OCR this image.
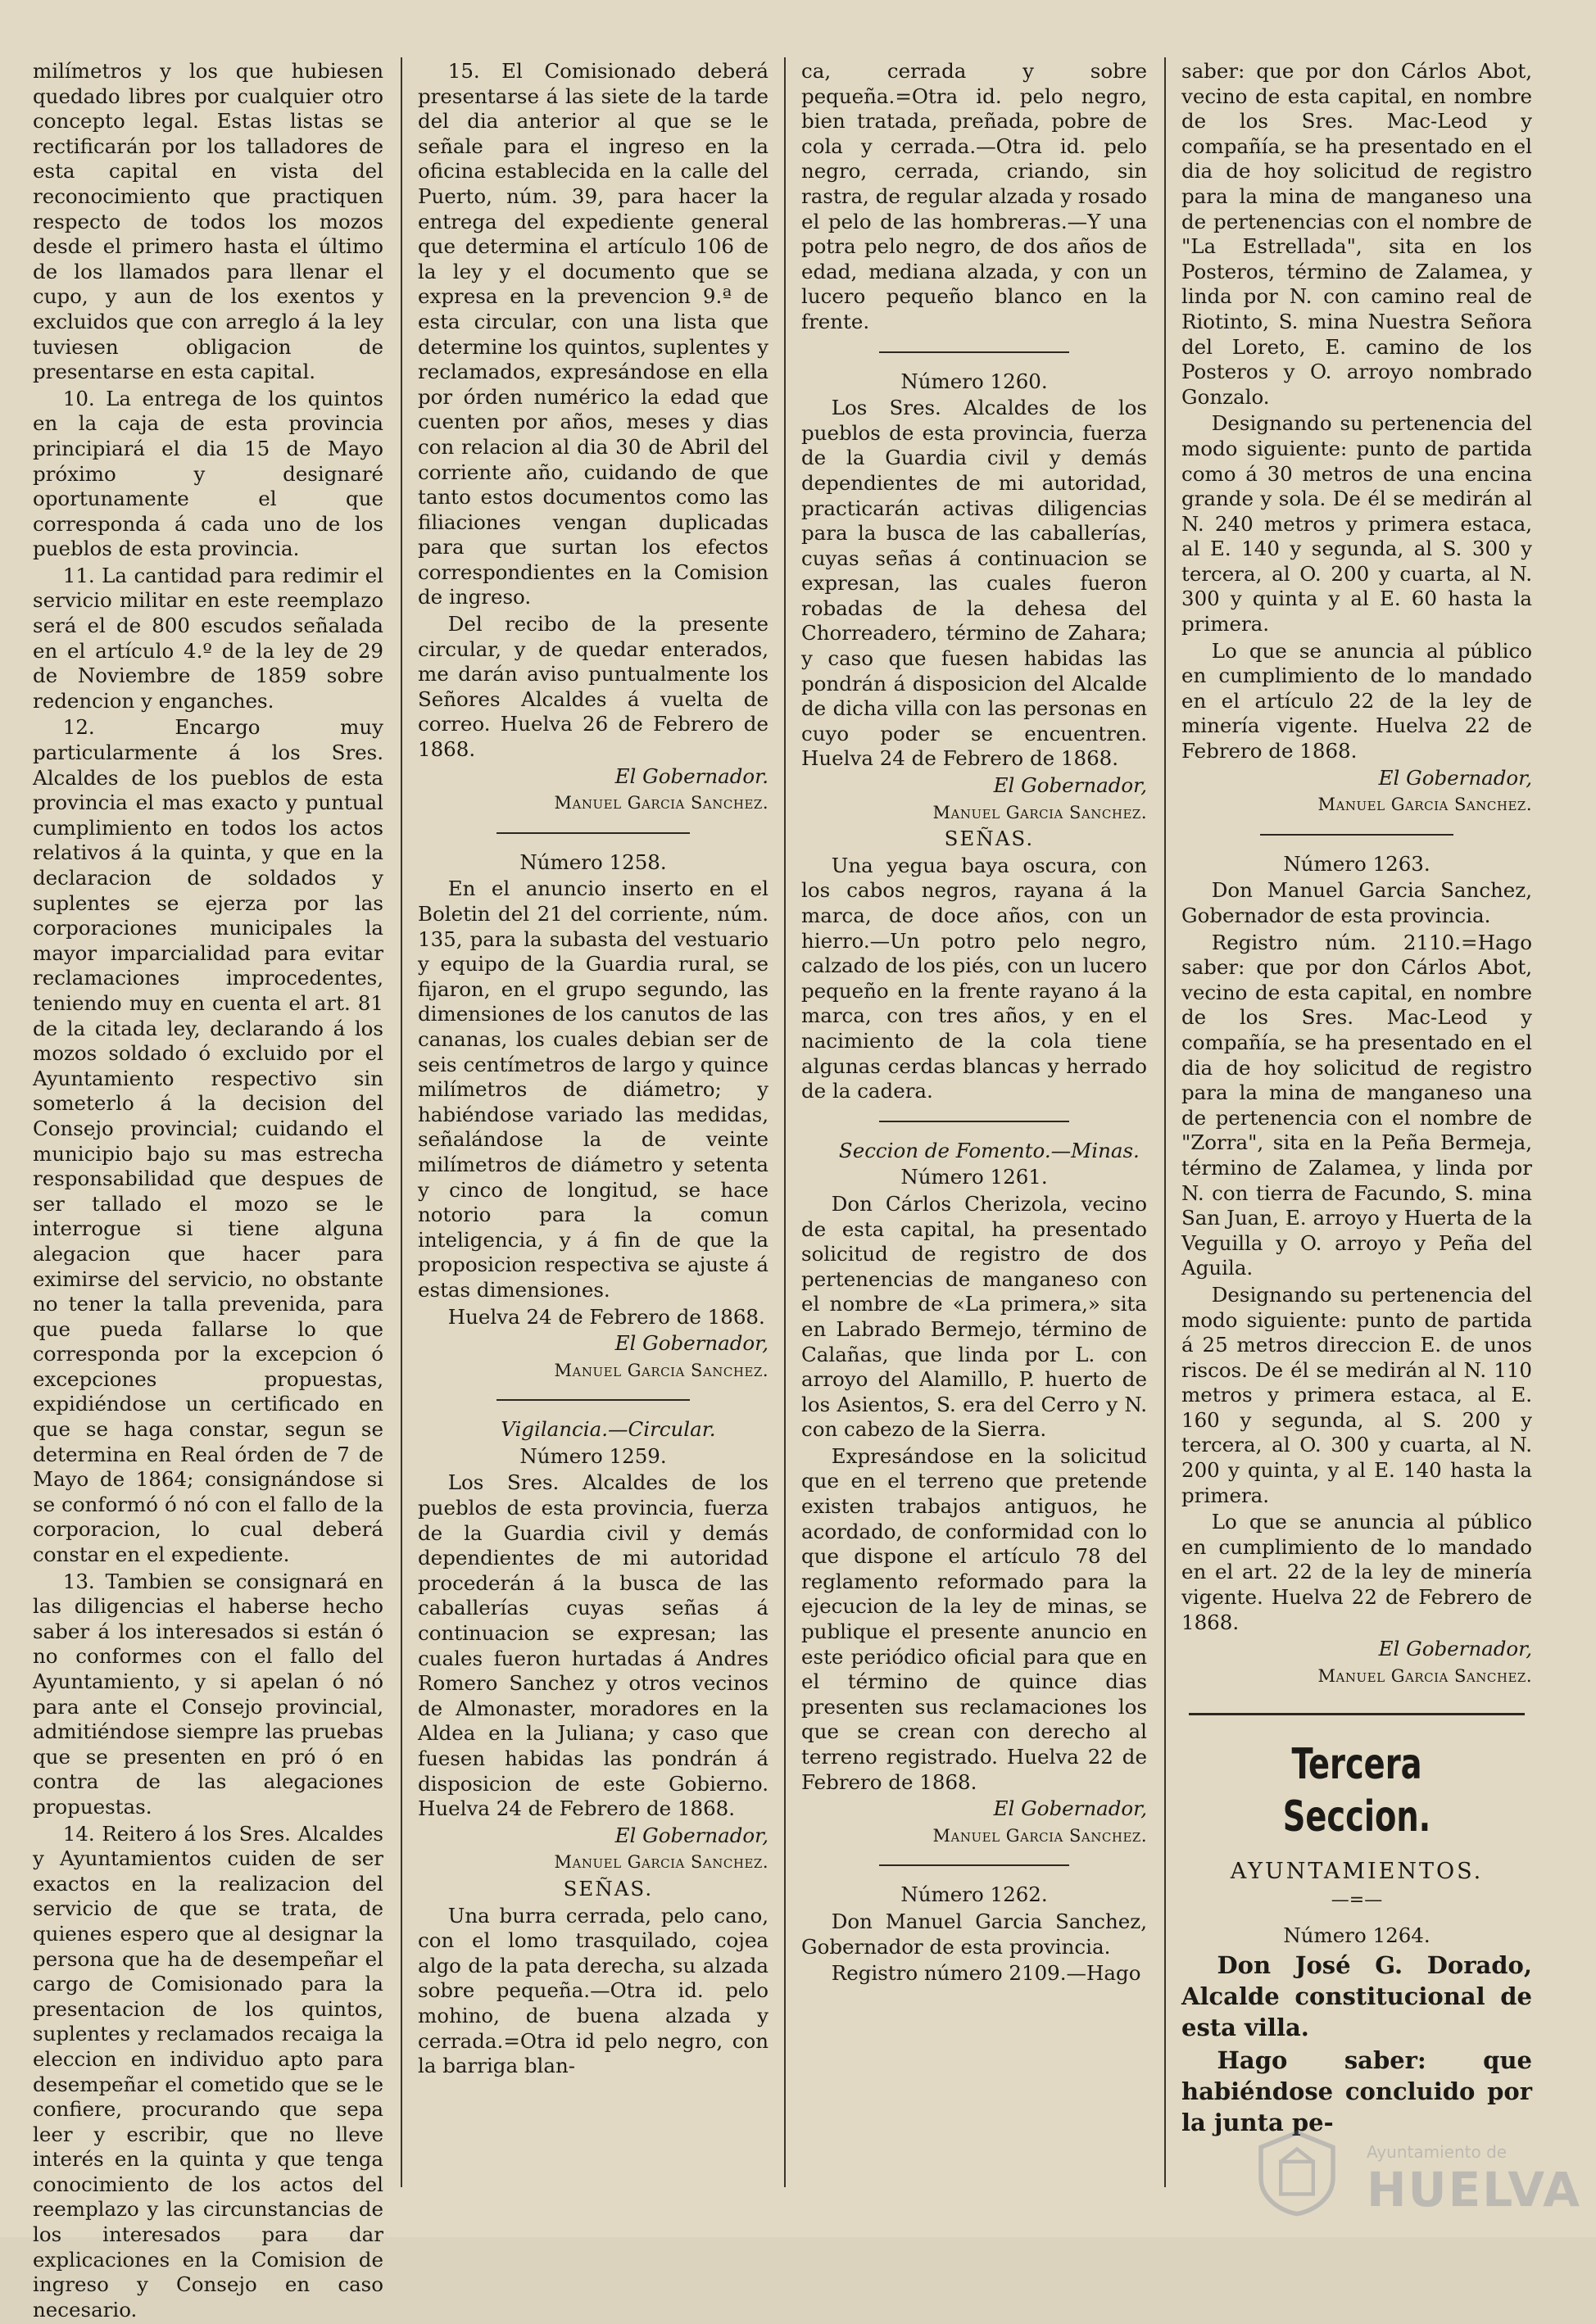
milímetros y los que hubiesen quedado libres por cualquier otro concepto legal. Estas listas se rectificarán por los talladores de esta capital en vista del reconocimiento que practiquen respecto de todos los mozos desde el primero hasta el último de los llamados para llenar el cupo, y aun de los exentos y excluidos que con arreglo á la ley tuviesen obligacion de presentarse en esta capital.

10. La entrega de los quintos en la caja de esta provincia principiará el dia 15 de Mayo próximo y designaré oportunamente el que corresponda á cada uno de los pueblos de esta provincia.

11. La cantidad para redimir el servicio militar en este reemplazo será el de 800 escudos señalada en el artículo 4.º de la ley de 29 de Noviembre de 1859 sobre redencion y enganches.

12. Encargo muy particularmente á los Sres. Alcaldes de los pueblos de esta provincia el mas exacto y puntual cumplimiento en todos los actos relativos á la quinta, y que en la declaracion de soldados y suplentes se ejerza por las corporaciones municipales la mayor imparcialidad para evitar reclamaciones improcedentes, teniendo muy en cuenta el art. 81 de la citada ley, declarando á los mozos soldado ó excluido por el Ayuntamiento respectivo sin someterlo á la decision del Consejo provincial; cuidando el municipio bajo su mas estrecha responsabilidad que despues de ser tallado el mozo se le interrogue si tiene alguna alegacion que hacer para eximirse del servicio, no obstante no tener la talla prevenida, para que pueda fallarse lo que corresponda por la excepcion ó excepciones propuestas, expidiéndose un certificado en que se haga constar, segun se determina en Real órden de 7 de Mayo de 1864; consignándose si se conformó ó nó con el fallo de la corporacion, lo cual deberá constar en el expediente.

13. Tambien se consignará en las diligencias el haberse hecho saber á los interesados si están ó no conformes con el fallo del Ayuntamiento, y si apelan ó nó para ante el Consejo provincial, admitiéndose siempre las pruebas que se presenten en pró ó en contra de las alegaciones propuestas.

14. Reitero á los Sres. Alcaldes y Ayuntamientos cuiden de ser exactos en la realizacion del servicio de que se trata, de quienes espero que al designar la persona que ha de desempeñar el cargo de Comisionado para la presentacion de los quintos, suplentes y reclamados recaiga la eleccion en individuo apto para desempeñar el cometido que se le confiere, procurando que sepa leer y escribir, que no lleve interés en la quinta y que tenga conocimiento de los actos del reemplazo y las circunstancias de los interesados para dar explicaciones en la Comision de ingreso y Consejo en caso necesario.

15. El Comisionado deberá presentarse á las siete de la tarde del dia anterior al que se le señale para el ingreso en la oficina establecida en la calle del Puerto, núm. 39, para hacer la entrega del expediente general que determina el artículo 106 de la ley y el documento que se expresa en la prevencion 9.ª de esta circular, con una lista que determine los quintos, suplentes y reclamados, expresándose en ella por órden numérico la edad que cuenten por años, meses y dias con relacion al dia 30 de Abril del corriente año, cuidando de que tanto estos documentos como las filiaciones vengan duplicadas para que surtan los efectos correspondientes en la Comision de ingreso.

Del recibo de la presente circular, y de quedar enterados, me darán aviso puntualmente los Señores Alcaldes á vuelta de correo. Huelva 26 de Febrero de 1868.

El Gobernador.

Manuel Garcia Sanchez.

Número 1258.

En el anuncio inserto en el Boletin del 21 del corriente, núm. 135, para la subasta del vestuario y equipo de la Guardia rural, se fijaron, en el grupo segundo, las dimensiones de los canutos de las cananas, los cuales debian ser de seis centímetros de largo y quince milímetros de diámetro; y habiéndose variado las medidas, señalándose la de veinte milímetros de diámetro y setenta y cinco de longitud, se hace notorio para la comun inteligencia, y á fin de que la proposicion respectiva se ajuste á estas dimensiones.

Huelva 24 de Febrero de 1868.

El Gobernador,

Manuel Garcia Sanchez.

Vigilancia.—Circular.

Número 1259.

Los Sres. Alcaldes de los pueblos de esta provincia, fuerza de la Guardia civil y demás dependientes de mi autoridad procederán á la busca de las caballerías cuyas señas á continuacion se expresan; las cuales fueron hurtadas á Andres Romero Sanchez y otros vecinos de Almonaster, moradores en la Aldea en la Juliana; y caso que fuesen habidas las pondrán á disposicion de este Gobierno. Huelva 24 de Febrero de 1868.

El Gobernador,

Manuel Garcia Sanchez.

SEÑAS.

Una burra cerrada, pelo cano, con el lomo trasquilado, cojea algo de la pata derecha, su alzada sobre pequeña.—Otra id. pelo mohino, de buena alzada y cerrada.=Otra id pelo negro, con la barriga blan-

ca, cerrada y sobre pequeña.=Otra id. pelo negro, bien tratada, preñada, pobre de cola y cerrada.—Otra id. pelo negro, cerrada, criando, sin rastra, de regular alzada y rosado el pelo de las hombreras.—Y una potra pelo negro, de dos años de edad, mediana alzada, y con un lucero pequeño blanco en la frente.

Número 1260.

Los Sres. Alcaldes de los pueblos de esta provincia, fuerza de la Guardia civil y demás dependientes de mi autoridad, practicarán activas diligencias para la busca de las caballerías, cuyas señas á continuacion se expresan, las cuales fueron robadas de la dehesa del Chorreadero, término de Zahara; y caso que fuesen habidas las pondrán á disposicion del Alcalde de dicha villa con las personas en cuyo poder se encuentren. Huelva 24 de Febrero de 1868.

El Gobernador,

Manuel Garcia Sanchez.

SEÑAS.

Una yegua baya oscura, con los cabos negros, rayana á la marca, de doce años, con un hierro.—Un potro pelo negro, calzado de los piés, con un lucero pequeño en la frente rayano á la marca, con tres años, y en el nacimiento de la cola tiene algunas cerdas blancas y herrado de la cadera.

Seccion de Fomento.—Minas.

Número 1261.

Don Cárlos Cherizola, vecino de esta capital, ha presentado solicitud de registro de dos pertenencias de manganeso con el nombre de «La primera,» sita en Labrado Bermejo, término de Calañas, que linda por L. con arroyo del Alamillo, P. huerto de los Asientos, S. era del Cerro y N. con cabezo de la Sierra.

Expresándose en la solicitud que en el terreno que pretende existen trabajos antiguos, he acordado, de conformidad con lo que dispone el artículo 78 del reglamento reformado para la ejecucion de la ley de minas, se publique el presente anuncio en este periódico oficial para que en el término de quince dias presenten sus reclamaciones los que se crean con derecho al terreno registrado. Huelva 22 de Febrero de 1868.

El Gobernador,

Manuel Garcia Sanchez.

Número 1262.

Don Manuel Garcia Sanchez, Gobernador de esta provincia.

Registro número 2109.—Hago

saber: que por don Cárlos Abot, vecino de esta capital, en nombre de los Sres. Mac-Leod y compañía, se ha presentado en el dia de hoy solicitud de registro para la mina de manganeso una de pertenencias con el nombre de "La Estrellada", sita en los Posteros, término de Zalamea, y linda por N. con camino real de Riotinto, S. mina Nuestra Señora del Loreto, E. camino de los Posteros y O. arroyo nombrado Gonzalo.

Designando su pertenencia del modo siguiente: punto de partida como á 30 metros de una encina grande y sola. De él se medirán al N. 240 metros y primera estaca, al E. 140 y segunda, al S. 300 y tercera, al O. 200 y cuarta, al N. 300 y quinta y al E. 60 hasta la primera.

Lo que se anuncia al público en cumplimiento de lo mandado en el artículo 22 de la ley de minería vigente. Huelva 22 de Febrero de 1868.

El Gobernador,

Manuel Garcia Sanchez.

Número 1263.

Don Manuel Garcia Sanchez, Gobernador de esta provincia.

Registro núm. 2110.=Hago saber: que por don Cárlos Abot, vecino de esta capital, en nombre de los Sres. Mac-Leod y compañía, se ha presentado en el dia de hoy solicitud de registro para la mina de manganeso una de pertenencia con el nombre de "Zorra", sita en la Peña Bermeja, término de Zalamea, y linda por N. con tierra de Facundo, S. mina San Juan, E. arroyo y Huerta de la Veguilla y O. arroyo y Peña del Aguila.

Designando su pertenencia del modo siguiente: punto de partida á 25 metros direccion E. de unos riscos. De él se medirán al N. 110 metros y primera estaca, al E. 160 y segunda, al S. 200 y tercera, al O. 300 y cuarta, al N. 200 y quinta, y al E. 140 hasta la primera.

Lo que se anuncia al público en cumplimiento de lo mandado en el art. 22 de la ley de minería vigente. Huelva 22 de Febrero de 1868.

El Gobernador,

Manuel Garcia Sanchez.

Tercera Seccion.
AYUNTAMIENTOS.
—=—

Número 1264.

Don José G. Dorado, Alcalde constitucional de esta villa.

Hago saber: que habiéndose concluido por la junta pe-

Ayuntamiento de
HUELVA
